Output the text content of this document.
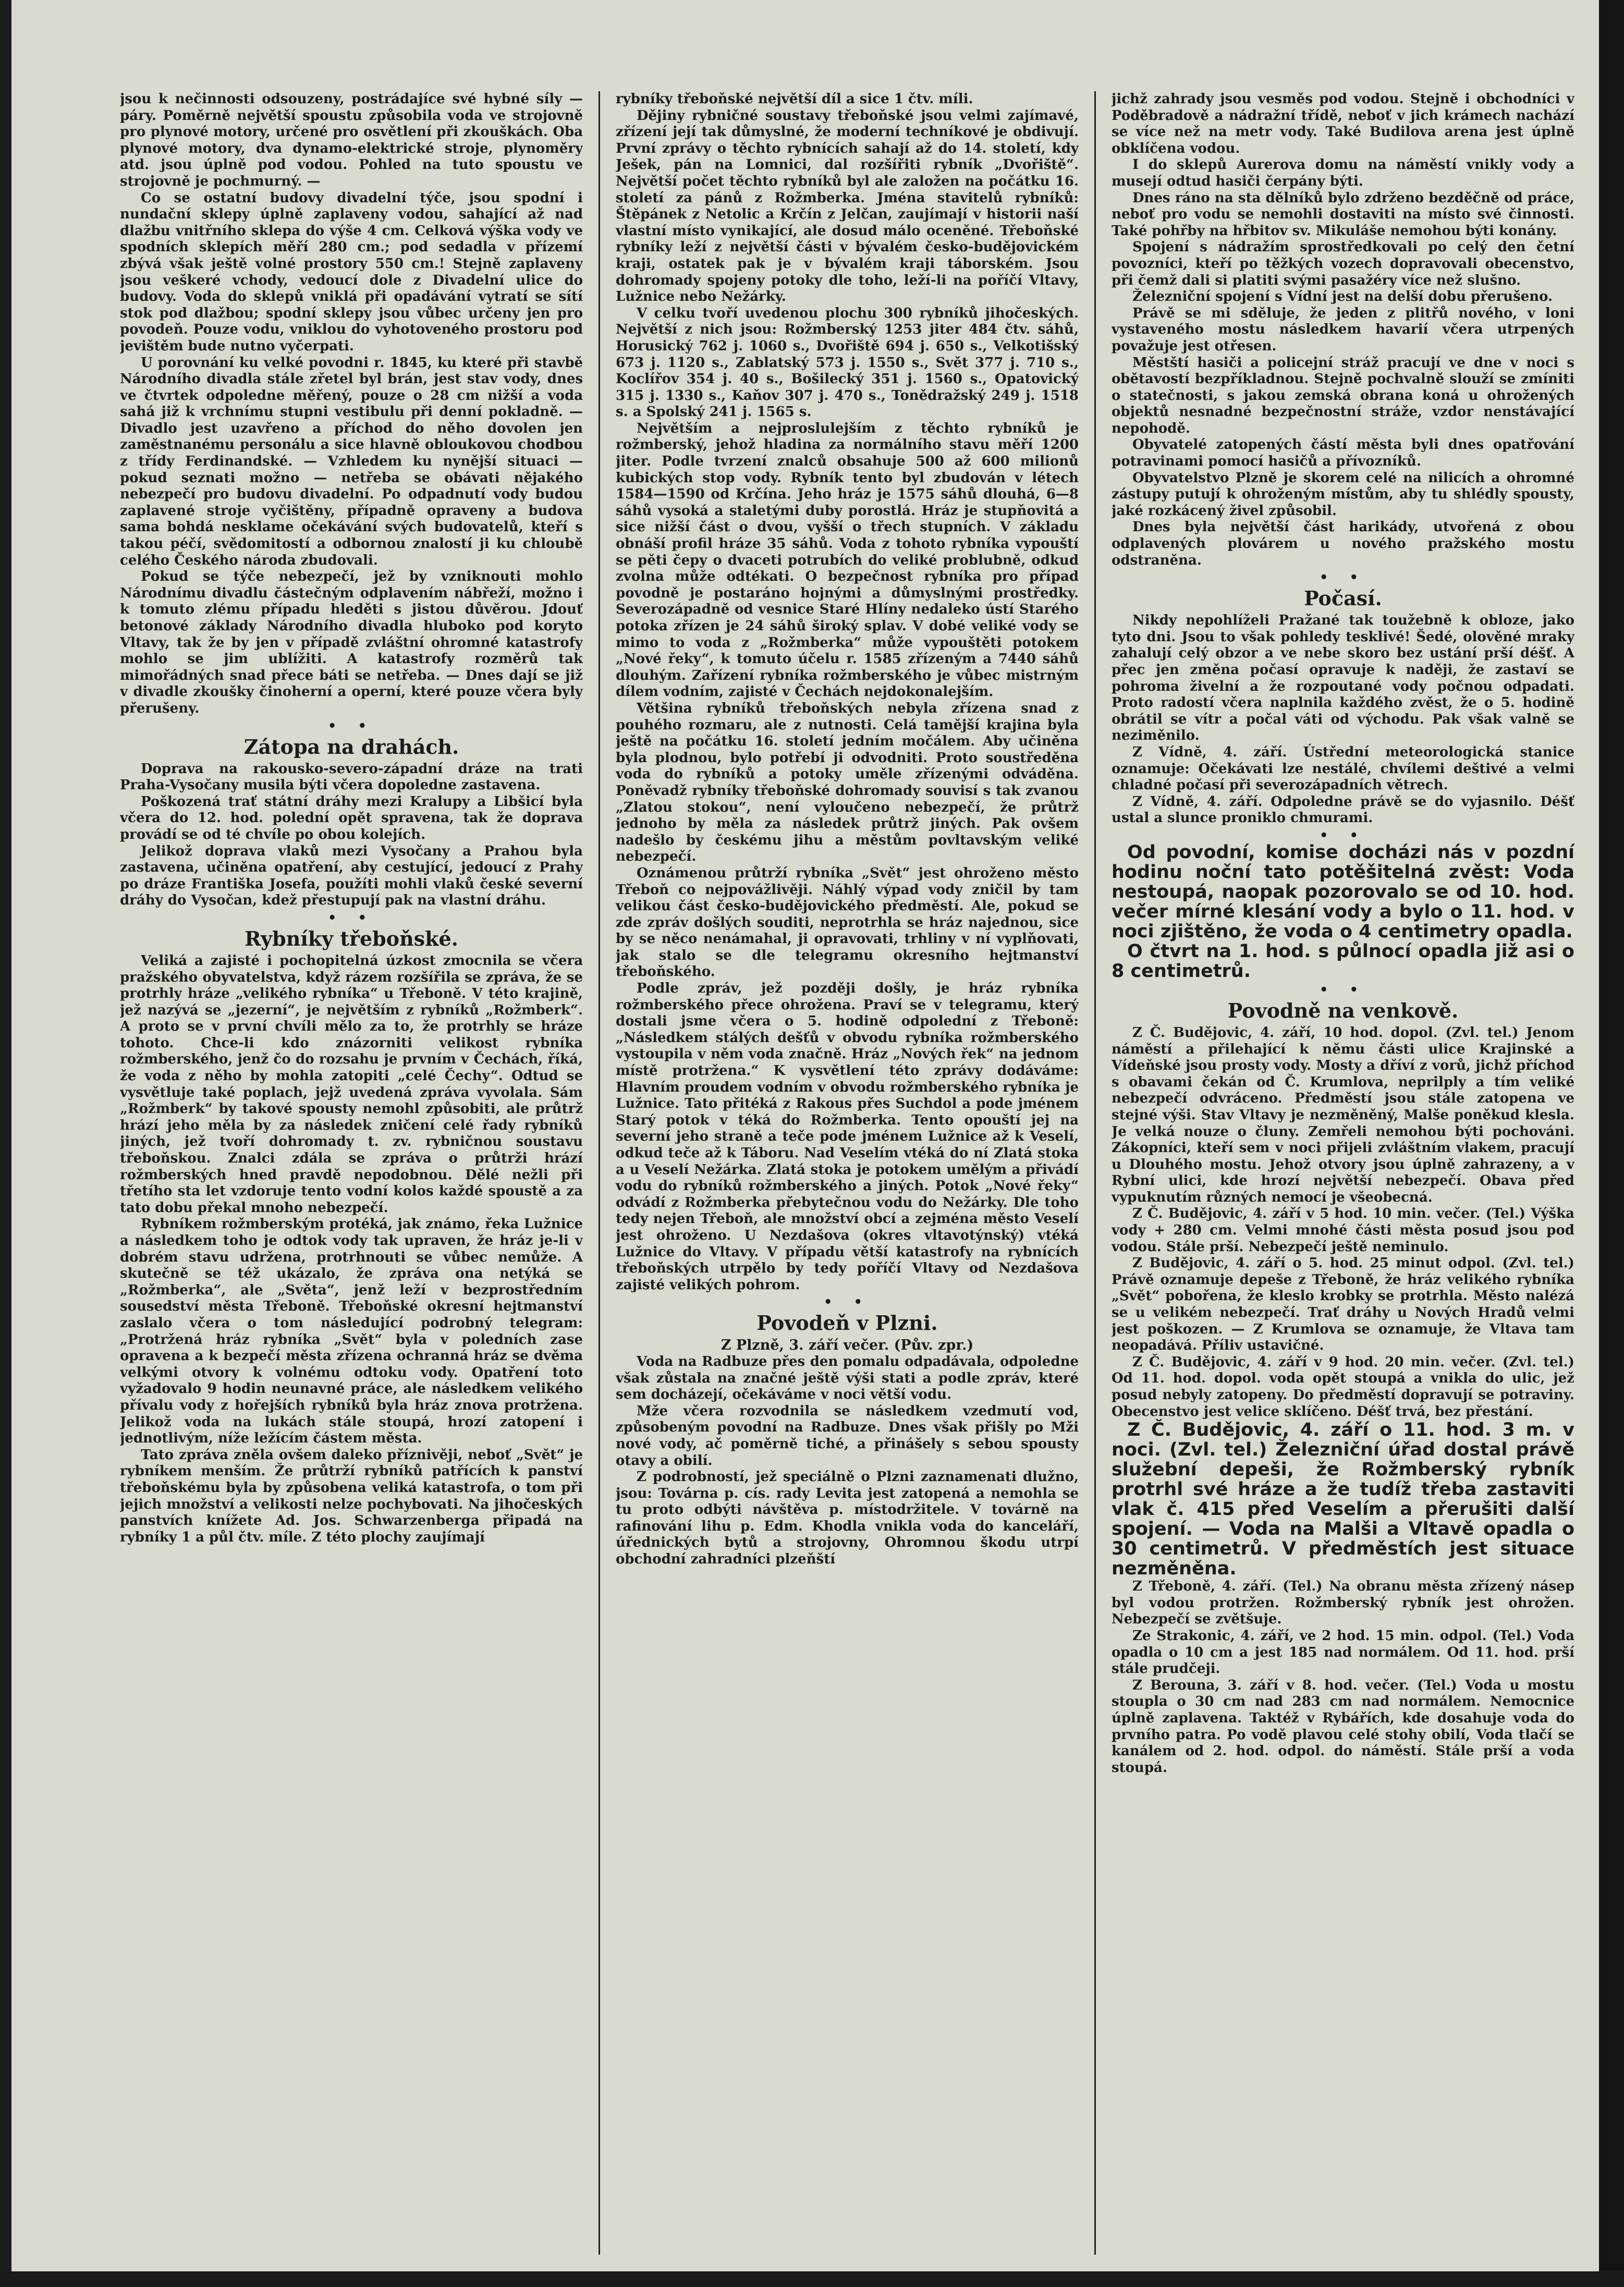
jsou k nečinnosti odsouzeny, postrádajíce své hybné síly — páry. Poměrně největší spoustu způsobila voda ve strojovně pro plynové motory, určené pro osvětlení při zkouškách. Oba plynové motory, dva dynamo-elektrické stroje, plynoměry atd. jsou úplně pod vodou. Pohled na tuto spoustu ve strojovně je pochmurný. —

Co se ostatní budovy divadelní týče, jsou spodní i nundační sklepy úplně zaplaveny vodou, sahající až nad dlažbu vnitřního sklepa do výše 4 cm. Celková výška vody ve spodních sklepích měří 280 cm.; pod sedadla v přízemí zbývá však ještě volné prostory 550 cm.! Stejně zaplaveny jsou veškeré vchody, vedoucí dole z Divadelní ulice do budovy. Voda do sklepů vniklá při opadávání vytratí se sítí stok pod dlažbou; spodní sklepy jsou vůbec určeny jen pro povodeň. Pouze vodu, vniklou do vyhotoveného prostoru pod jevištěm bude nutno vyčerpati.

U porovnání ku velké povodni r. 1845, ku které při stavbě Národního divadla stále zřetel byl brán, jest stav vody, dnes ve čtvrtek odpoledne měřený, pouze o 28 cm nižší a voda sahá již k vrchnímu stupni vestibulu při denní pokladně. — Divadlo jest uzavřeno a příchod do něho dovolen jen zaměstnanému personálu a sice hlavně obloukovou chodbou z třídy Ferdinandské. — Vzhledem ku nynější situaci — pokud seznati možno — netřeba se obávati nějakého nebezpečí pro budovu divadelní. Po odpadnutí vody budou zaplavené stroje vyčištěny, případně opraveny a budova sama bohdá nesklame očekávání svých budovatelů, kteří s takou péčí, svědomitostí a odbornou znalostí ji ku chloubě celého Českého národa zbudovali.

Pokud se týče nebezpečí, jež by vzniknouti mohlo Národnímu divadlu částečným odplavením nábřeží, možno i k tomuto zlému případu hleděti s jistou důvěrou. Jdouť betonové základy Národního divadla hluboko pod koryto Vltavy, tak že by jen v případě zvláštní ohromné katastrofy mohlo se jim ublížiti. A katastrofy rozměrů tak mimořádných snad přece báti se netřeba. — Dnes dají se již v divadle zkoušky činoherní a operní, které pouze včera byly přerušeny.

• •
Zátopa na drahách.

Doprava na rakousko-severo-západní dráze na trati Praha-Vysočany musila býti včera dopoledne zastavena.

Poškozená trať státní dráhy mezi Kralupy a Libšicí byla včera do 12. hod. polední opět spravena, tak že doprava provádí se od té chvíle po obou kolejích.

Jelikož doprava vlaků mezi Vysočany a Prahou byla zastavena, učiněna opatření, aby cestující, jedoucí z Prahy po dráze Františka Josefa, použíti mohli vlaků české severní dráhy do Vysočan, kdež přestupují pak na vlastní dráhu.

• •
Rybníky třeboňské.

Veliká a zajisté i pochopitelná úzkost zmocnila se včera pražského obyvatelstva, když rázem rozšířila se zpráva, že se protrhly hráze „velikého rybníka“ u Třeboně. V této krajině, jež nazývá se „jezerní“, je největším z rybníků „Rožmberk“. A proto se v první chvíli mělo za to, že protrhly se hráze tohoto. Chce-li kdo znázorniti velikost rybníka rožmberského, jenž čo do rozsahu je prvním v Čechách, říká, že voda z něho by mohla zatopiti „celé Čechy“. Odtud se vysvětluje také poplach, jejž uvedená zpráva vyvolala. Sám „Rožmberk“ by takové spousty nemohl způsobiti, ale průtrž hrází jeho měla by za následek zničení celé řady rybníků jiných, jež tvoří dohromady t. zv. rybničnou soustavu třeboňskou. Znalci zdála se zpráva o průtrži hrází rožmberských hned pravdě nepodobnou. Dělé nežli při třetího sta let vzdoruje tento vodní kolos každé spoustě a za tato dobu překal mnoho nebezpečí.

Rybníkem rožmberským protéká, jak známo, řeka Lužnice a následkem toho je odtok vody tak upraven, že hráz je-li v dobrém stavu udržena, protrhnouti se vůbec nemůže. A skutečně se též ukázalo, že zpráva ona netýká se „Rožmberka“, ale „Světa“, jenž leží v bezprostředním sousedství města Třeboně. Třeboňské okresní hejtmanství zaslalo včera o tom následující podrobný telegram: „Protržená hráz rybníka „Svět“ byla v poledních zase opravena a k bezpečí města zřízena ochranná hráz se dvěma velkými otvory k volnému odtoku vody. Opatření toto vyžadovalo 9 hodin neunavné práce, ale následkem velikého přívalu vody z hořejších rybníků byla hráz znova protržena. Jelikož voda na lukách stále stoupá, hrozí zatopení i jednotlivým, níže ležícím částem města.

Tato zpráva zněla ovšem daleko příznivěji, neboť „Svět“ je rybníkem menším. Že průtrží rybníků patřících k panství třeboňskému byla by způsobena veliká katastrofa, o tom při jejich množství a velikosti nelze pochybovati. Na jihočeských panstvích knížete Ad. Jos. Schwarzenberga připadá na rybníky 1 a půl čtv. míle. Z této plochy zaujímají

rybníky třeboňské největší díl a sice 1 čtv. míli.

Dějiny rybničné soustavy třeboňské jsou velmi zajímavé, zřízení její tak důmyslné, že moderní techníkové je obdivují. První zprávy o těchto rybnících sahají až do 14. století, kdy Ješek, pán na Lomnici, dal rozšířiti rybník „Dvořiště“. Největší počet těchto rybníků byl ale založen na počátku 16. století za pánů z Rožmberka. Jména stavitelů rybníků: Štěpánek z Netolic a Krčín z Jelčan, zaujímají v historii naší vlastní místo vynikající, ale dosud málo oceněné. Třeboňské rybníky leží z největší části v bývalém česko-budějovickém kraji, ostatek pak je v bývalém kraji táborském. Jsou dohromady spojeny potoky dle toho, leží-li na poříčí Vltavy, Lužnice nebo Nežárky.

V celku tvoří uvedenou plochu 300 rybníků jihočeských. Největší z nich jsou: Rožmberský 1253 jiter 484 čtv. sáhů, Horusický 762 j. 1060 s., Dvořiště 694 j. 650 s., Velkotišský 673 j. 1120 s., Zablatský 573 j. 1550 s., Svět 377 j. 710 s., Koclířov 354 j. 40 s., Bošilecký 351 j. 1560 s., Opatovický 315 j. 1330 s., Kaňov 307 j. 470 s., Tonědražský 249 j. 1518 s. a Spolský 241 j. 1565 s.

Největším a nejproslulejším z těchto rybníků je rožmberský, jehož hladina za normálního stavu měří 1200 jiter. Podle tvrzení znalců obsahuje 500 až 600 milionů kubických stop vody. Rybník tento byl zbudován v létech 1584—1590 od Krčína. Jeho hráz je 1575 sáhů dlouhá, 6—8 sáhů vysoká a staletými duby porostlá. Hráz je stupňovitá a sice nižší část o dvou, vyšší o třech stupních. V základu obnáší profil hráze 35 sáhů. Voda z tohoto rybníka vypouští se pěti čepy o dvaceti potrubích do veliké problubně, odkud zvolna může odtékati. O bezpečnost rybníka pro případ povodně je postaráno hojnými a důmyslnými prostředky. Severozápadně od vesnice Staré Hlíny nedaleko ústí Starého potoka zřízen je 24 sáhů široký splav. V dobé veliké vody se mimo to voda z „Rožmberka“ může vypouštěti potokem „Nové řeky“, k tomuto účelu r. 1585 zřízeným a 7440 sáhů dlouhým. Zařízení rybníka rožmberského je vůbec mistrným dílem vodním, zajisté v Čechách nejdokonalejším.

Většina rybníků třeboňských nebyla zřízena snad z pouhého rozmaru, ale z nutnosti. Celá tamější krajina byla ještě na počátku 16. století jedním močálem. Aby učiněna byla plodnou, bylo potřebí ji odvodniti. Proto soustředěna voda do rybníků a potoky uměle zřízenými odváděna. Poněvadž rybníky třeboňské dohromady souvisí s tak zvanou „Zlatou stokou“, není vyloučeno nebezpečí, že průtrž jednoho by měla za následek průtrž jiných. Pak ovšem nadešlo by českému jihu a městům povltavským veliké nebezpečí.

Oznámenou průtrží rybníka „Svět“ jest ohroženo město Třeboň co nejpovážlivěji. Náhlý výpad vody zničil by tam velikou část česko-budějovického předměstí. Ale, pokud se zde zpráv došlých souditi, neprotrhla se hráz najednou, sice by se něco nenámahal, ji opravovati, trhliny v ní vyplňovati, jak stalo se dle telegramu okresního hejtmanství třeboňského.

Podle zpráv, jež později došly, je hráz rybníka rožmberského přece ohrožena. Praví se v telegramu, který dostali jsme včera o 5. hodině odpolední z Třeboně: „Následkem stálých dešťů v obvodu rybníka rožmberského vystoupila v něm voda značně. Hráz „Nových řek“ na jednom místě protržena.“ K vysvětlení této zprávy dodáváme: Hlavním proudem vodním v obvodu rožmberského rybníka je Lužnice. Tato přitéká z Rakous přes Suchdol a pode jménem Starý potok v téká do Rožmberka. Tento opouští jej na severní jeho straně a teče pode jménem Lužnice až k Veselí, odkud teče až k Táboru. Nad Veselím vtéká do ní Zlatá stoka a u Veselí Nežárka. Zlatá stoka je potokem umělým a přivádí vodu do rybníků rožmberského a jiných. Potok „Nové řeky“ odvádí z Rožmberka přebytečnou vodu do Nežárky. Dle toho tedy nejen Třeboň, ale množství obcí a zejména město Veselí jest ohroženo. U Nezdašova (okres vltavotýnský) vtéká Lužnice do Vltavy. V případu větší katastrofy na rybnících třeboňských utrpělo by tedy poříčí Vltavy od Nezdašova zajisté velikých pohrom.

• •
Povodeň v Plzni.

Z Plzně, 3. září večer. (Pův. zpr.)

Voda na Radbuze přes den pomalu odpadávala, odpoledne však zůstala na značné ještě výši stati a podle zpráv, které sem docházejí, očekáváme v noci větší vodu.

Mže včera rozvodnila se následkem vzedmutí vod, způsobeným povodní na Radbuze. Dnes však přišly po Mži nové vody, ač poměrně tiché, a přinášely s sebou spousty otavy a obilí.

Z podrobností, jež speciálně o Plzni zaznamenati dlužno, jsou: Továrna p. cís. rady Levita jest zatopená a nemohla se tu proto odbýti návštěva p. místodržitele. V továrně na rafinování lihu p. Edm. Khodla vnikla voda do kanceláří, úřednických bytů a strojovny, Ohromnou škodu utrpí obchodní zahradníci plzeňští

jichž zahrady jsou vesměs pod vodou. Stejně i obchodníci v Poděbradově a nádražní třídě, neboť v jich krámech nachází se více než na metr vody. Také Budilova arena jest úplně obklíčena vodou.

I do sklepů Aurerova domu na náměstí vnikly vody a musejí odtud hasiči čerpány býti.

Dnes ráno na sta dělníků bylo zdrženo bezděčně od práce, neboť pro vodu se nemohli dostaviti na místo své činnosti. Také pohřby na hřbitov sv. Mikuláše nemohou býti konány.

Spojení s nádražím sprostředkovali po celý den četní povozníci, kteří po těžkých vozech dopravovali obecenstvo, při čemž dali si platiti svými pasažéry více než slušno.

Železniční spojení s Vídní jest na delší dobu přerušeno.

Právě se mi sděluje, že jeden z plitřů nového, v loni vystaveného mostu následkem havarií včera utrpených považuje jest otřesen.

Městští hasiči a policejní stráž pracují ve dne v noci s obětavostí bezpříkladnou. Stejně pochvalně slouží se zmíniti o statečnosti, s jakou zemská obrana koná u ohrožených objektů nesnadné bezpečnostní stráže, vzdor nenstávající nepohodě.

Obyvatelé zatopených částí města byli dnes opatřování potravinami pomocí hasičů a přívozníků.

Obyvatelstvo Plzně je skorem celé na nilicích a ohromné zástupy putují k ohroženým místům, aby tu shlédly spousty, jaké rozkácený živel způsobil.

Dnes byla největší část harikády, utvořená z obou odplavených plovárem u nového pražského mostu odstraněna.

• •
Počasí.

Nikdy nepohlíželi Pražané tak toužebně k obloze, jako tyto dni. Jsou to však pohledy tesklivé! Šedé, olověné mraky zahalují celý obzor a ve nebe skoro bez ustání prší déšť. A přec jen změna počasí opravuje k naději, že zastaví se pohroma živelní a že rozpoutané vody počnou odpadati. Proto radostí včera naplnila každého zvěst, že o 5. hodině obrátil se vítr a počal váti od východu. Pak však valně se neziměnilo.

Z Vídně, 4. září. Ústřední meteorologická stanice oznamuje: Očekávati lze nestálé, chvílemi deštivé a velmi chladné počasí při severozápadních větrech.

Z Vídně, 4. září. Odpoledne právě se do vyjasnilo. Déšť ustal a slunce proniklo chmurami.

• •

Od povodní, komise docházi nás v pozdní hodinu noční tato potěšitelná zvěst: Voda nestoupá, naopak pozorovalo se od 10. hod. večer mírné klesání vody a bylo o 11. hod. v noci zjištěno, že voda o 4 centimetry opadla.

O čtvrt na 1. hod. s půlnocí opadla již asi o 8 centimetrů.

• •
Povodně na venkově.

Z Č. Budějovic, 4. září, 10 hod. dopol. (Zvl. tel.) Jenom náměstí a přilehající k němu části ulice Krajinské a Vídeňské jsou prosty vody. Mosty a dříví z vorů, jichž příchod s obavami čekán od Č. Krumlova, neprilply a tím veliké nebezpečí odvráceno. Předměstí jsou stále zatopena ve stejné výši. Stav Vltavy je nezměněný, Malše poněkud klesla. Je velká nouze o čluny. Zemřeli nemohou býti pochováni. Zákopníci, kteří sem v noci přijeli zvláštním vlakem, pracují u Dlouhého mostu. Jehož otvory jsou úplně zahrazeny, a v Rybní ulici, kde hrozí největší nebezpečí. Obava před vypuknutím různých nemocí je všeobecná.

Z Č. Budějovic, 4. září v 5 hod. 10 min. večer. (Tel.) Výška vody + 280 cm. Velmi mnohé části města posud jsou pod vodou. Stále prší. Nebezpečí ještě neminulo.

Z Budějovic, 4. září o 5. hod. 25 minut odpol. (Zvl. tel.) Právě oznamuje depeše z Třeboně, že hráz velikého rybníka „Svět“ pobořena, že kleslo krobky se protrhla. Město nalézá se u velikém nebezpečí. Trať dráhy u Nových Hradů velmi jest poškozen. — Z Krumlova se oznamuje, že Vltava tam neopadává. Příliv ustavičné.

Z Č. Budějovic, 4. září v 9 hod. 20 min. večer. (Zvl. tel.) Od 11. hod. dopol. voda opět stoupá a vnikla do ulic, jež posud nebyly zatopeny. Do předměstí dopravují se potraviny. Obecenstvo jest velice sklíčeno. Déšť trvá, bez přestání.

Z Č. Budějovic, 4. září o 11. hod. 3 m. v noci. (Zvl. tel.) Železniční úřad dostal právě služební depeši, že Rožmberský rybník protrhl své hráze a že tudíž třeba zastaviti vlak č. 415 před Veselím a přerušiti další spojení. — Voda na Malši a Vltavě opadla o 30 centimetrů. V předměstích jest situace nezměněna.

Z Třeboně, 4. září. (Tel.) Na obranu města zřízený násep byl vodou protržen. Rožmberský rybník jest ohrožen. Nebezpečí se zvětšuje.

Ze Strakonic, 4. září, ve 2 hod. 15 min. odpol. (Tel.) Voda opadla o 10 cm a jest 185 nad normálem. Od 11. hod. prší stále prudčeji.

Z Berouna, 3. září v 8. hod. večer. (Tel.) Voda u mostu stoupla o 30 cm nad 283 cm nad normálem. Nemocnice úplně zaplavena. Taktéž v Rybářích, kde dosahuje voda do prvního patra. Po vodě plavou celé stohy obilí, Voda tlačí se kanálem od 2. hod. odpol. do náměstí. Stále prší a voda stoupá.
